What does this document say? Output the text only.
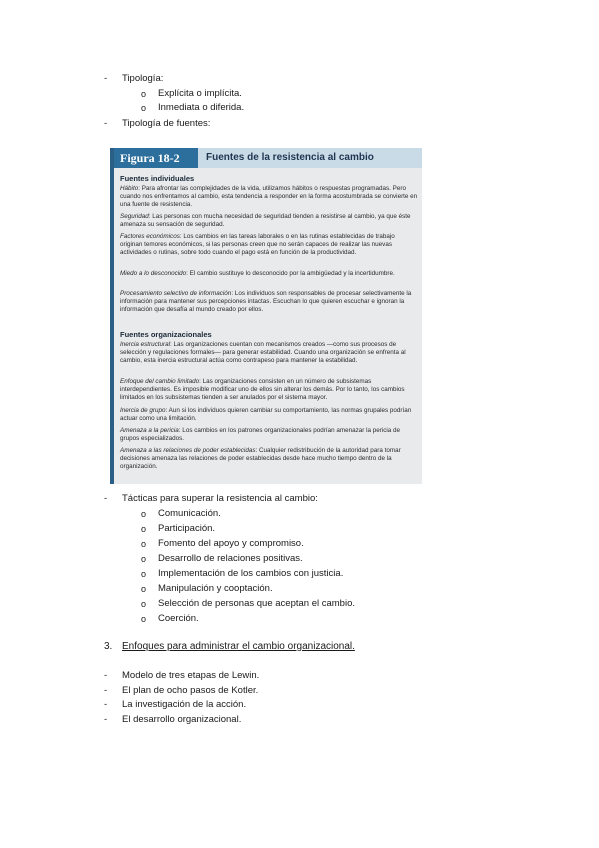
- Tipología:
o Explícita o implícita.
o Inmediata o diferida.
- Tipología de fuentes:
Figura 18-2	Fuentes de la resistencia al cambio
Fuentes individuales
Hábito: Para afrontar las complejidades de la vida, utilizamos hábitos o respuestas programadas. Pero cuando nos enfrentamos al cambio, esta tendencia a responder en la forma acostumbrada se convierte en una fuente de resistencia.
Seguridad: Las personas con mucha necesidad de seguridad tienden a resistirse al cambio, ya que éste amenaza su sensación de seguridad.
Factores económicos: Los cambios en las tareas laborales o en las rutinas establecidas de trabajo originan temores económicos, si las personas creen que no serán capaces de realizar las nuevas actividades o rutinas, sobre todo cuando el pago está en función de la productividad.
Miedo a lo desconocido: El cambio sustituye lo desconocido por la ambigüedad y la incertidumbre.
Procesamiento selectivo de información: Los individuos son responsables de procesar selectivamente la información para mantener sus percepciones intactas. Escuchan lo que quieren escuchar e ignoran la información que desafía al mundo creado por ellos.
Fuentes organizacionales
Inercia estructural: Las organizaciones cuentan con mecanismos creados —como sus procesos de selección y regulaciones formales— para generar estabilidad. Cuando una organización se enfrenta al cambio, esta inercia estructural actúa como contrapeso para mantener la estabilidad.
Enfoque del cambio limitado: Las organizaciones consisten en un número de subsistemas interdependientes. Es imposible modificar uno de ellos sin alterar los demás. Por lo tanto, los cambios limitados en los subsistemas tienden a ser anulados por el sistema mayor.
Inercia de grupo: Aun si los individuos quieren cambiar su comportamiento, las normas grupales podrían actuar como una limitación.
Amenaza a la pericia: Los cambios en los patrones organizacionales podrían amenazar la pericia de grupos especializados.
Amenaza a las relaciones de poder establecidas: Cualquier redistribución de la autoridad para tomar decisiones amenaza las relaciones de poder establecidas desde hace mucho tiempo dentro de la organización.
- Tácticas para superar la resistencia al cambio:
o Comunicación.
o Participación.
o Fomento del apoyo y compromiso.
o Desarrollo de relaciones positivas.
o Implementación de los cambios con justicia.
o Manipulación y cooptación.
o Selección de personas que aceptan el cambio.
o Coerción.
3. Enfoques para administrar el cambio organizacional.
- Modelo de tres etapas de Lewin.
- El plan de ocho pasos de Kotler.
- La investigación de la acción.
- El desarrollo organizacional.
